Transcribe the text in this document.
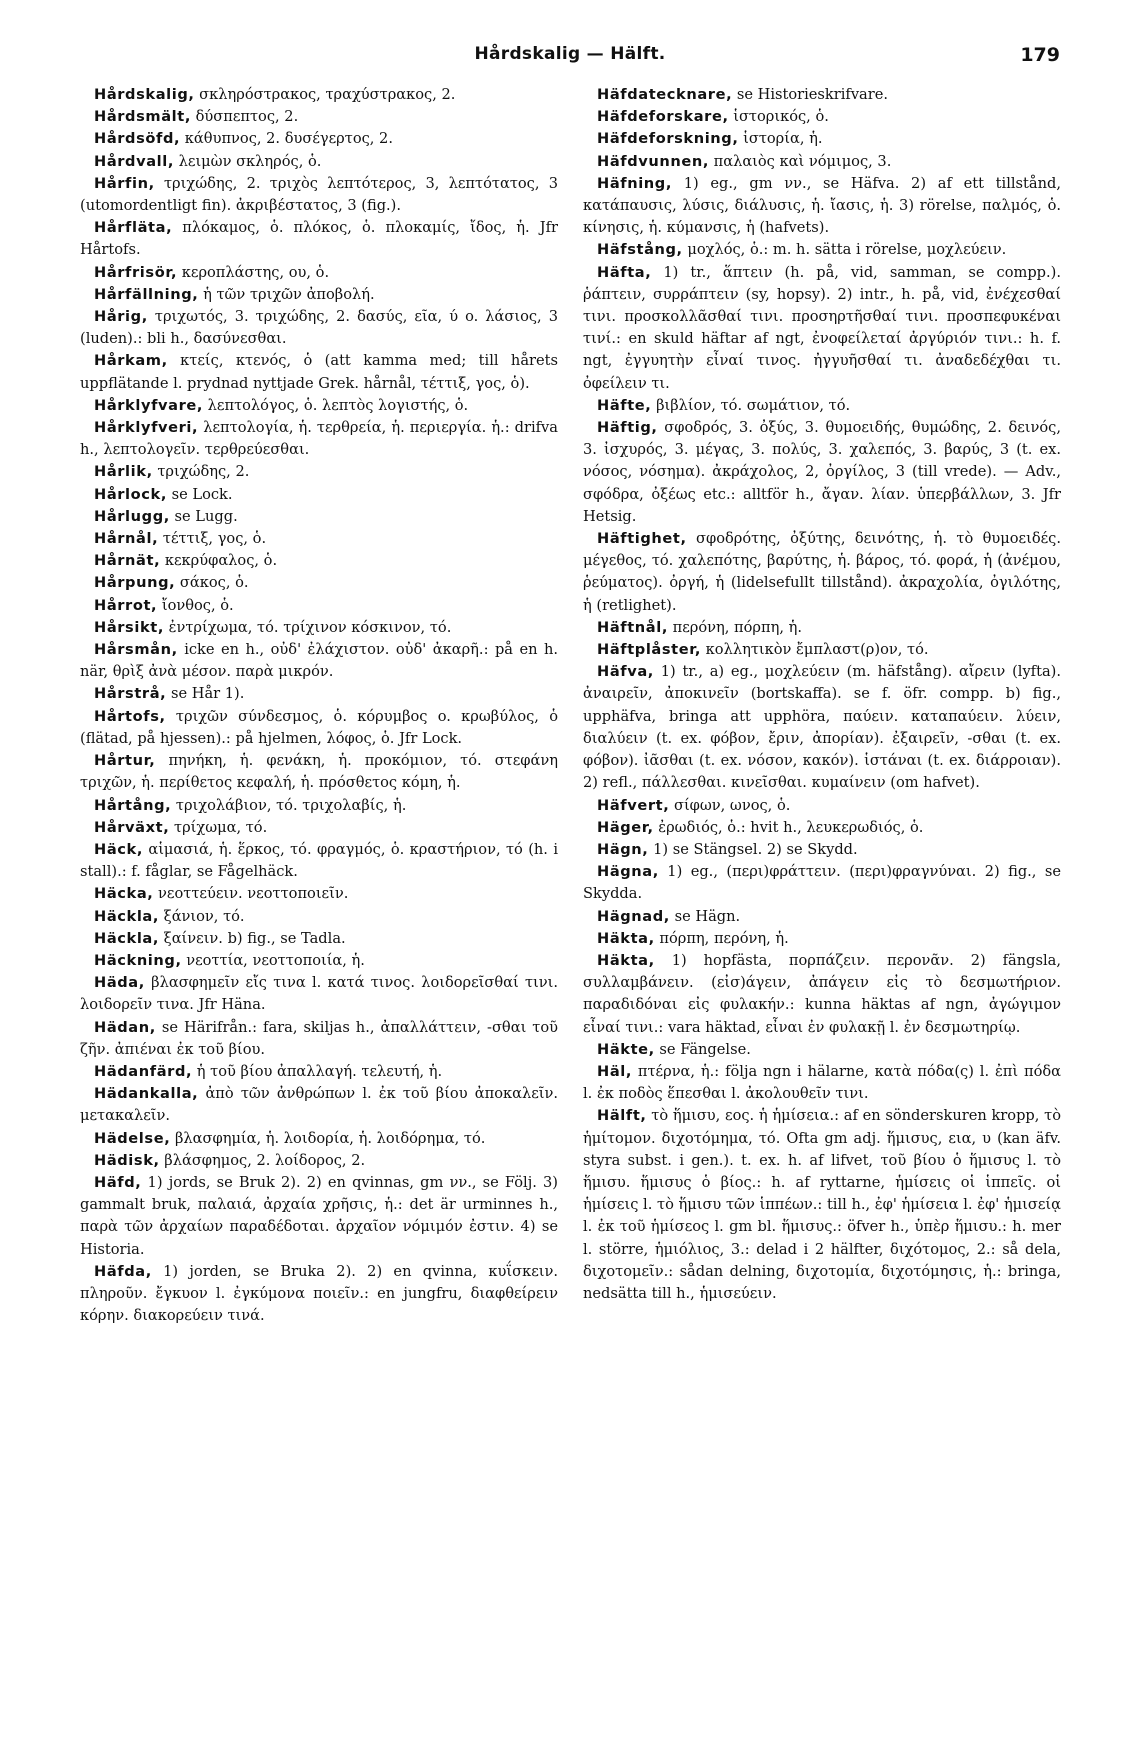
Hårdskalig — Hälft.	179

Hårdskalig, σκληρόστρακος, τραχύστρακος, 2.

Hårdsmält, δύσπεπτος, 2.

Hårdsöfd, κάθυπνος, 2. δυσέγερτος, 2.

Hårdvall, λειμὼν σκληρός, ὁ.

Hårfin, τριχώδης, 2. τριχὸς λεπτότερος, 3, λεπτότατος, 3 (utomordentligt fin). ἀκριβέστατος, 3 (fig.).

Hårfläta, πλόκαμος, ὁ. πλόκος, ὁ. πλοκαμίς, ἴδος, ἡ. Jfr Hårtofs.

Hårfrisör, κεροπλάστης, ου, ὁ.

Hårfällning, ἡ τῶν τριχῶν ἀποβολή.

Hårig, τριχωτός, 3. τριχώδης, 2. δασύς, εῖα, ύ o. λάσιος, 3 (luden).: bli h., δασύνεσθαι.

Hårkam, κτείς, κτενός, ὁ (att kamma med; till hårets uppflätande l. prydnad nyttjade Grek. hårnål, τέττιξ, γος, ὁ).

Hårklyfvare, λεπτολόγος, ὁ. λεπτὸς λογιστής, ὁ.

Hårklyfveri, λεπτολογία, ἡ. τερθρεία, ἡ. περιεργία. ἡ.: drifva h., λεπτολογεῖν. τερθρεύεσθαι.

Hårlik, τριχώδης, 2.

Hårlock, se Lock.

Hårlugg, se Lugg.

Hårnål, τέττιξ, γος, ὁ.

Hårnät, κεκρύφαλος, ὁ.

Hårpung, σάκος, ὁ.

Hårrot, ἴονθος, ὁ.

Hårsikt, ἐντρίχωμα, τό. τρίχινον κόσκινον, τό.

Hårsmån, icke en h., οὐδ' ἐλάχιστον. οὐδ' ἀκαρῆ.: på en h. när, θρὶξ ἀνὰ μέσον. παρὰ μικρόν.

Hårstrå, se Hår 1).

Hårtofs, τριχῶν σύνδεσμος, ὁ. κόρυμβος o. κρωβύλος, ὁ (flätad, på hjessen).: på hjelmen, λόφος, ὁ. Jfr Lock.

Hårtur, πηνήκη, ἡ. φενάκη, ἡ. προκόμιον, τό. στεφάνη τριχῶν, ἡ. περίθετος κεφαλή, ἡ. πρόσθετος κόμη, ἡ.

Hårtång, τριχολάβιον, τό. τριχολαβίς, ἡ.

Hårväxt, τρίχωμα, τό.

Häck, αἱμασιά, ἡ. ἕρκος, τό. φραγμός, ὁ. κραστήριον, τό (h. i stall).: f. fåglar, se Fågelhäck.

Häcka, νεοττεύειν. νεοττοποιεῖν.

Häckla, ξάνιον, τό.

Häckla, ξαίνειν. b) fig., se Tadla.

Häckning, νεοττία, νεοττοποιία, ἡ.

Häda, βλασφημεῖν εἴς τινα l. κατά τινος. λοιδορεῖσθαί τινι. λοιδορεῖν τινα. Jfr Häna.

Hädan, se Härifrån.: fara, skiljas h., ἀπαλλάττειν, -σθαι τοῦ ζῆν. ἀπιέναι ἐκ τοῦ βίου.

Hädanfärd, ἡ τοῦ βίου ἀπαλλαγή. τελευτή, ἡ.

Hädankalla, ἀπὸ τῶν ἀνθρώπων l. ἐκ τοῦ βίου ἀποκαλεῖν. μετακαλεῖν.

Hädelse, βλασφημία, ἡ. λοιδορία, ἡ. λοιδόρημα, τό.

Hädisk, βλάσφημος, 2. λοίδορος, 2.

Häfd, 1) jords, se Bruk 2). 2) en qvinnas, gm νν., se Följ. 3) gammalt bruk, παλαιά, ἀρχαία χρῆσις, ἡ.: det är urminnes h., παρὰ τῶν ἀρχαίων παραδέδοται. ἀρχαῖον νόμιμόν ἐστιν. 4) se Historia.

Häfda, 1) jorden, se Bruka 2). 2) en qvinna, κυΐσκειν. πληροῦν. ἔγκυον l. ἐγκύμονα ποιεῖν.: en jungfru, διαφθείρειν κόρην. διακορεύειν τινά.

Häfdatecknare, se Historieskrifvare.

Häfdeforskare, ἱστορικός, ὁ.

Häfdeforskning, ἱστορία, ἡ.

Häfdvunnen, παλαιὸς καὶ νόμιμος, 3.

Häfning, 1) eg., gm νν., se Häfva. 2) af ett tillstånd, κατάπαυσις, λύσις, διάλυσις, ἡ. ἴασις, ἡ. 3) rörelse, παλμός, ὁ. κίνησις, ἡ. κύμανσις, ἡ (hafvets).

Häfstång, μοχλός, ὁ.: m. h. sätta i rörelse, μοχλεύειν.

Häfta, 1) tr., ἅπτειν (h. på, vid, samman, se compp.). ῥάπτειν, συρράπτειν (sy, hopsy). 2) intr., h. på, vid, ἐνέχεσθαί τινι. προσκολλᾶσθαί τινι. προσηρτῆσθαί τινι. προσπεφυκέναι τινί.: en skuld häftar af ngt, ἐνοφείλεταί ἀργύριόν τινι.: h. f. ngt, ἐγγυητὴν εἶναί τινος. ἠγγυῆσθαί τι. ἀναδεδέχθαι τι. ὀφείλειν τι.

Häfte, βιβλίον, τό. σωμάτιον, τό.

Häftig, σφοδρός, 3. ὀξύς, 3. θυμοειδής, θυμώδης, 2. δεινός, 3. ἰσχυρός, 3. μέγας, 3. πολύς, 3. χαλεπός, 3. βαρύς, 3 (t. ex. νόσος, νόσημα). ἀκράχολος, 2, ὀργίλος, 3 (till vrede). — Adv., σφόδρα, ὀξέως etc.: alltför h., ἄγαν. λίαν. ὑπερβάλλων, 3. Jfr Hetsig.

Häftighet, σφοδρότης, ὀξύτης, δεινότης, ἡ. τὸ θυμοειδές. μέγεθος, τό. χαλεπότης, βαρύτης, ἡ. βάρος, τό. φορά, ἡ (ἀνέμου, ῥεύματος). ὀργή, ἡ (lidelsefullt tillstånd). ἀκραχολία, ὀγιλότης, ἡ (retlighet).

Häftnål, περόνη, πόρπη, ἡ.

Häftplåster, κολλητικὸν ἔμπλαστ(ρ)ον, τό.

Häfva, 1) tr., a) eg., μοχλεύειν (m. häfstång). αἴρειν (lyfta). ἀναιρεῖν, ἀποκινεῖν (bortskaffa). se f. öfr. compp. b) fig., upphäfva, bringa att upphöra, παύειν. καταπαύειν. λύειν, διαλύειν (t. ex. φόβον, ἔριν, ἀπορίαν). ἐξαιρεῖν, -σθαι (t. ex. φόβον). ἰᾶσθαι (t. ex. νόσον, κακόν). ἱστάναι (t. ex. διάρροιαν). 2) refl., πάλλεσθαι. κινεῖσθαι. κυμαίνειν (om hafvet).

Häfvert, σίφων, ωνος, ὁ.

Häger, ἐρωδιός, ὁ.: hvit h., λευκερωδιός, ὁ.

Hägn, 1) se Stängsel. 2) se Skydd.

Hägna, 1) eg., (περι)φράττειν. (περι)φραγνύναι. 2) fig., se Skydda.

Hägnad, se Hägn.

Häkta, πόρπη, περόνη, ἡ.

Häkta, 1) hopfästa, πορπάζειν. περονᾶν. 2) fängsla, συλλαμβάνειν. (εἰσ)άγειν, ἀπάγειν εἰς τὸ δεσμωτήριον. παραδιδόναι εἰς φυλακήν.: kunna häktas af ngn, ἀγώγιμον εἶναί τινι.: vara häktad, εἶναι ἐν φυλακῇ l. ἐν δεσμωτηρίῳ.

Häkte, se Fängelse.

Häl, πτέρνα, ἡ.: följa ngn i hälarne, κατὰ πόδα(ς) l. ἐπὶ πόδα l. ἐκ ποδὸς ἕπεσθαι l. ἀκολουθεῖν τινι.

Hälft, τὸ ἥμισυ, εος. ἡ ἡμίσεια.: af en sönderskuren kropp, τὸ ἡμίτομον. διχοτόμημα, τό. Ofta gm adj. ἥμισυς, εια, υ (kan äfv. styra subst. i gen.). t. ex. h. af lifvet, τοῦ βίου ὁ ἥμισυς l. τὸ ἥμισυ. ἥμισυς ὁ βίος.: h. af ryttarne, ἡμίσεις οἱ ἱππεῖς. οἱ ἡμίσεις l. τὸ ἥμισυ τῶν ἱππέων.: till h., ἐφ' ἡμίσεια l. ἐφ' ἡμισείᾳ l. ἐκ τοῦ ἡμίσεος l. gm bl. ἥμισυς.: öfver h., ὑπὲρ ἥμισυ.: h. mer l. större, ἡμιόλιος, 3.: delad i 2 hälfter, διχότομος, 2.: så dela, διχοτομεῖν.: sådan delning, διχοτομία, διχοτόμησις, ἡ.: bringa, nedsätta till h., ἡμισεύειν.
